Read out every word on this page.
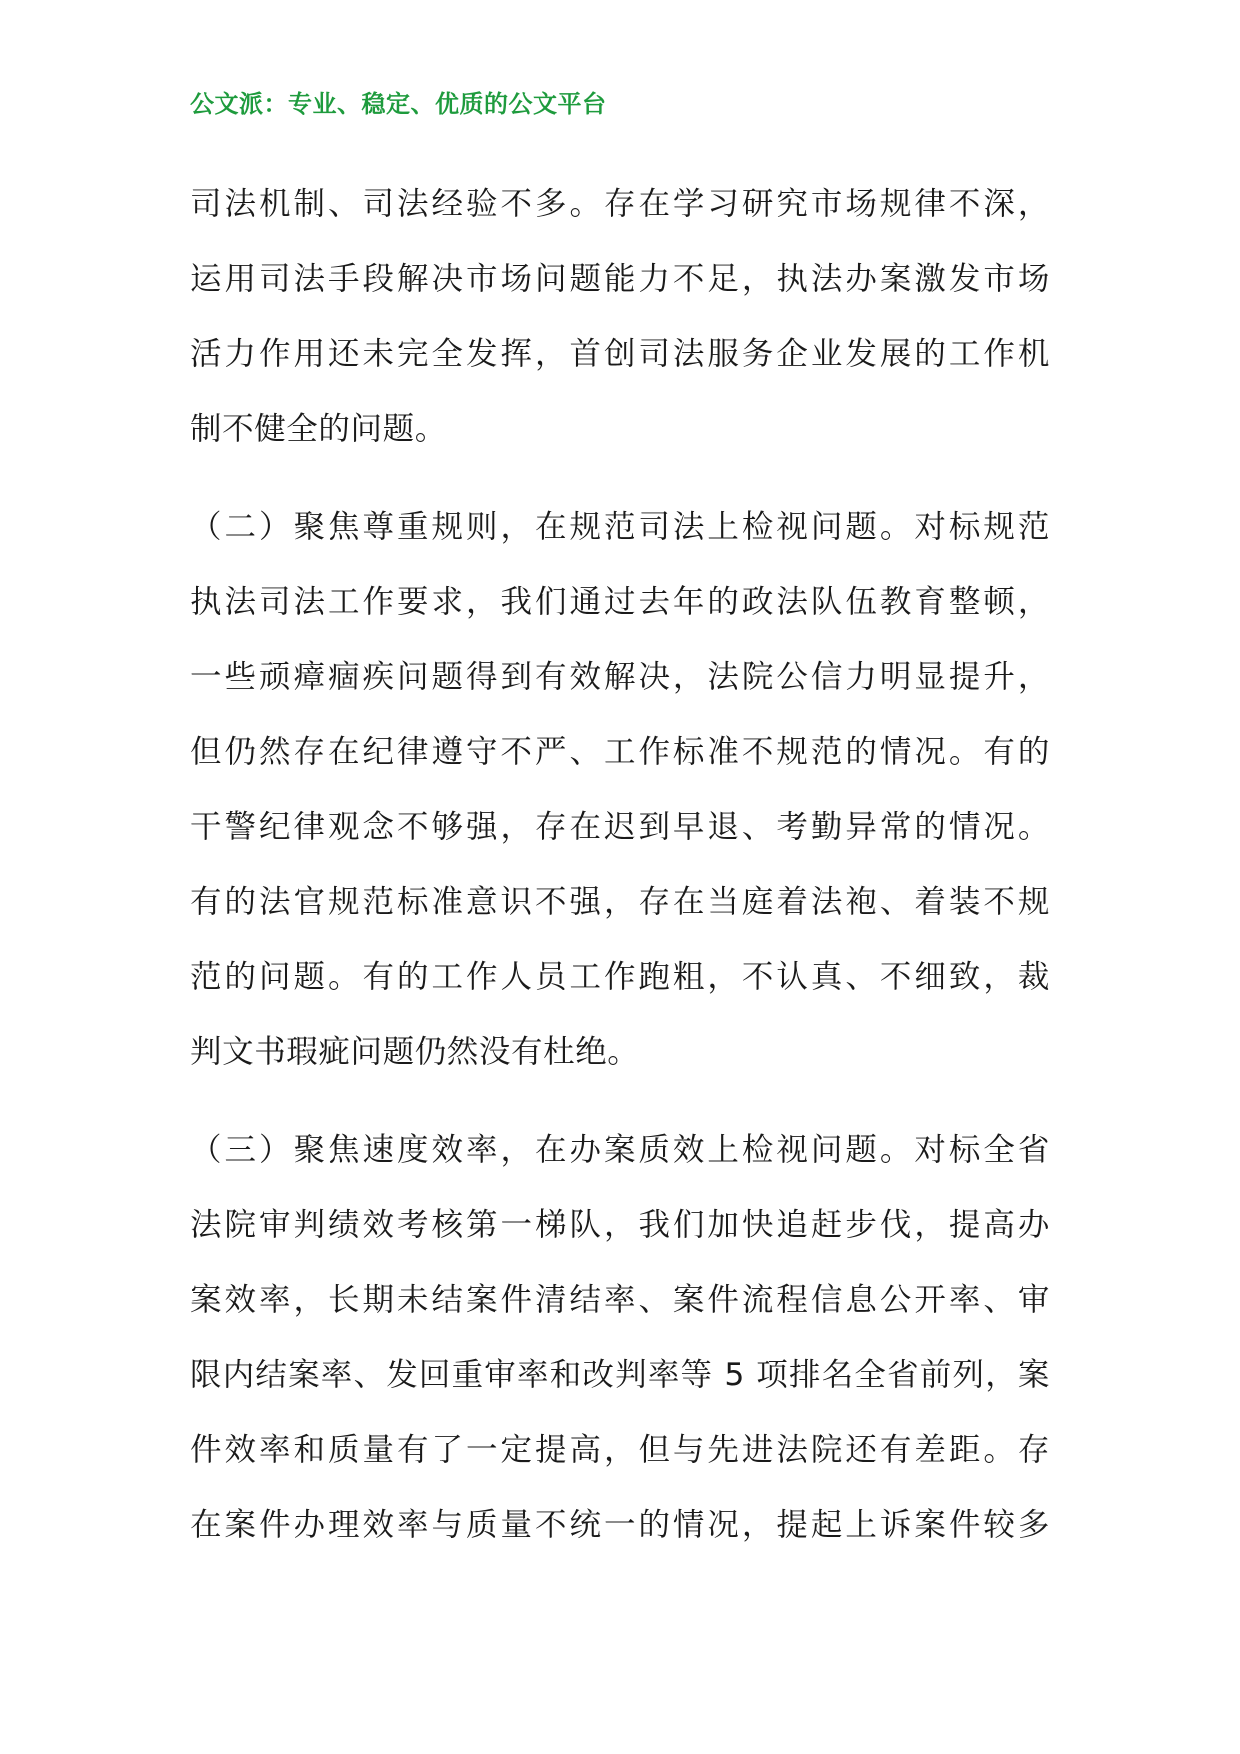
公文派：专业、稳定、优质的公文平台
司法机制、司法经验不多。存在学习研究市场规律不深，
运用司法手段解决市场问题能力不足，执法办案激发市场
活力作用还未完全发挥，首创司法服务企业发展的工作机
制不健全的问题。
（二）聚焦尊重规则，在规范司法上检视问题。对标规范
执法司法工作要求，我们通过去年的政法队伍教育整顿，
一些顽瘴痼疾问题得到有效解决，法院公信力明显提升，
但仍然存在纪律遵守不严、工作标准不规范的情况。有的
干警纪律观念不够强，存在迟到早退、考勤异常的情况。
有的法官规范标准意识不强，存在当庭着法袍、着装不规
范的问题。有的工作人员工作跑粗，不认真、不细致，裁
判文书瑕疵问题仍然没有杜绝。
（三）聚焦速度效率，在办案质效上检视问题。对标全省
法院审判绩效考核第一梯队，我们加快追赶步伐，提高办
案效率，长期未结案件清结率、案件流程信息公开率、审
限内结案率、发回重审率和改判率等 5 项排名全省前列，案
件效率和质量有了一定提高，但与先进法院还有差距。存
在案件办理效率与质量不统一的情况，提起上诉案件较多
